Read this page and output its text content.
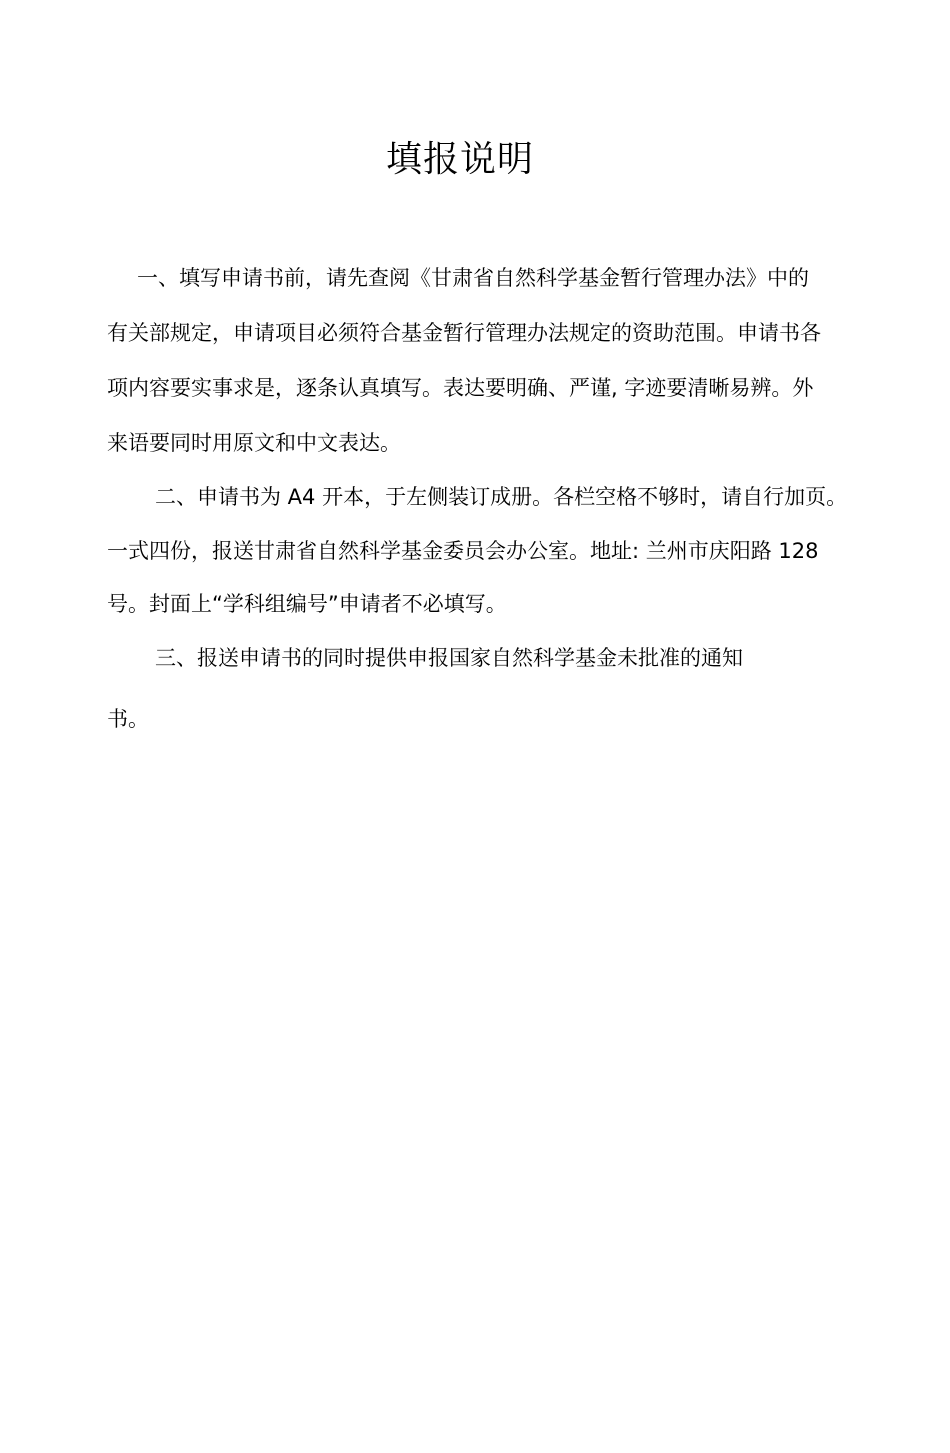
填报说明

一、填写申请书前，请先查阅《甘肃省自然科学基金暂行管理办法》中的

有关部规定，申请项目必须符合基金暂行管理办法规定的资助范围。申请书各

项内容要实事求是，逐条认真填写。表达要明确、严谨, 字迹要清晰易辨。外

来语要同时用原文和中文表达。

二、申请书为 A4 开本，于左侧装订成册。各栏空格不够时，请自行加页。

一式四份，报送甘肃省自然科学基金委员会办公室。地址: 兰州市庆阳路 128

号。封面上“学科组编号”申请者不必填写。

三、报送申请书的同时提供申报国家自然科学基金未批准的通知

书。
